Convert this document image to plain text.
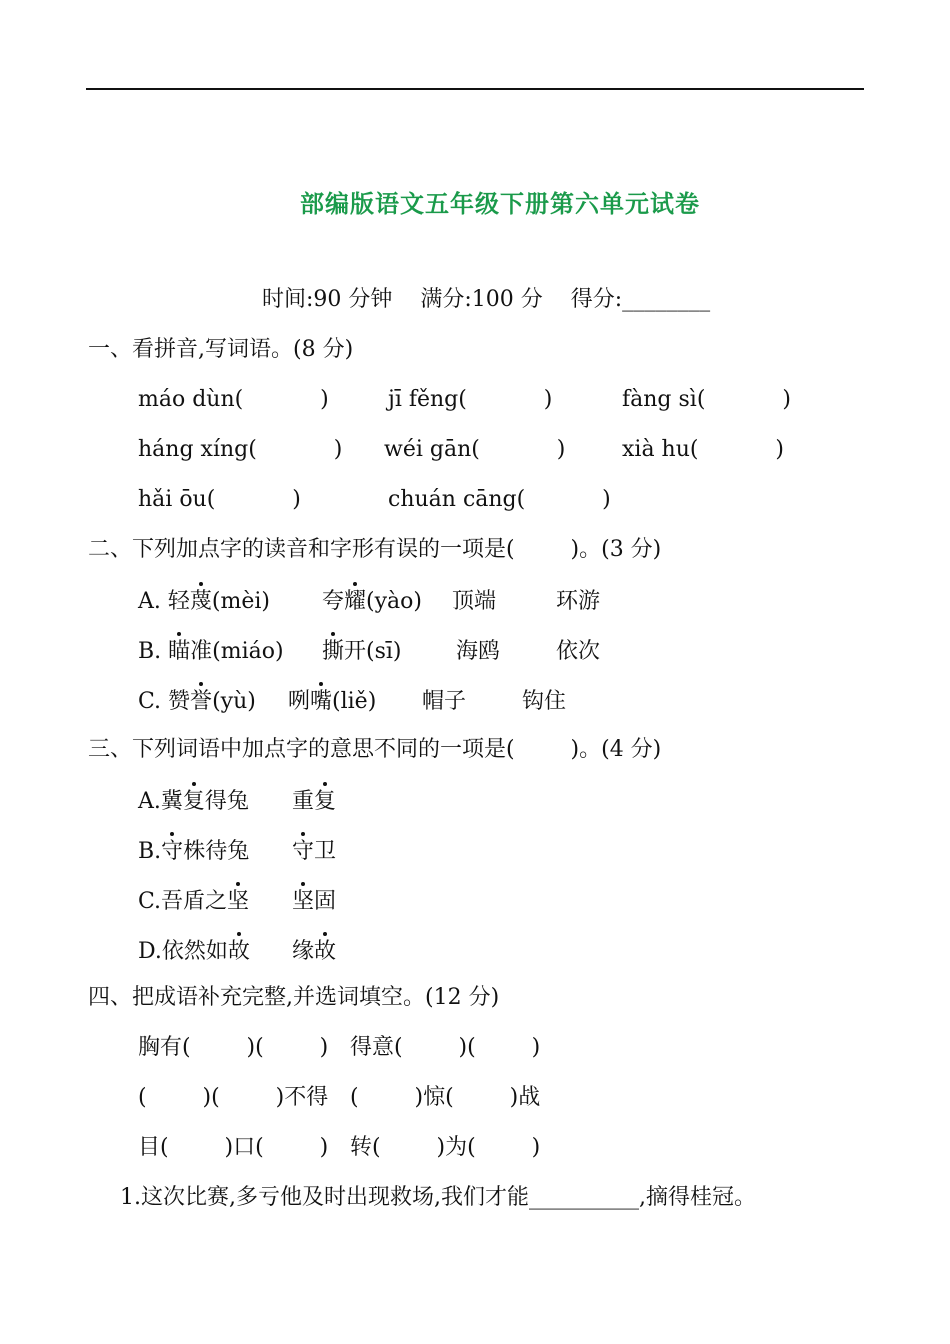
部编版语文五年级下册第六单元试卷
时间:90 分钟    满分:100 分    得分:________
一、看拼音,写词语。(8 分)
máo dùn(           )	jī fěng(           )	fàng sì(           )
háng xíng(           ) wéi gān(           )	xià hu(           )
hǎi ōu(           )	chuán cāng(           )
二、下列加点字的读音和字形有误的一项是(        )。(3 分)
A. 轻蔑(mèi) 夸耀(yào) 顶端	环游
B. 瞄准(miáo) 撕开(sī) 海鸥	依次
C. 赞誉(yù) 咧嘴(liě) 帽子	钩住
三、下列词语中加点字的意思不同的一项是(        )。(4 分)
A.冀复得兔 重复
B.守株待兔 守卫
C.吾盾之坚 坚固
D.依然如故 缘故
四、把成语补充完整,并选词填空。(12 分)
胸有(        )(        ) 得意(        )(        )
(        )(        )不得 (        )惊(        )战
目(        )口(        ) 转(        )为(        )
1.这次比赛,多亏他及时出现救场,我们才能__________,摘得桂冠。
